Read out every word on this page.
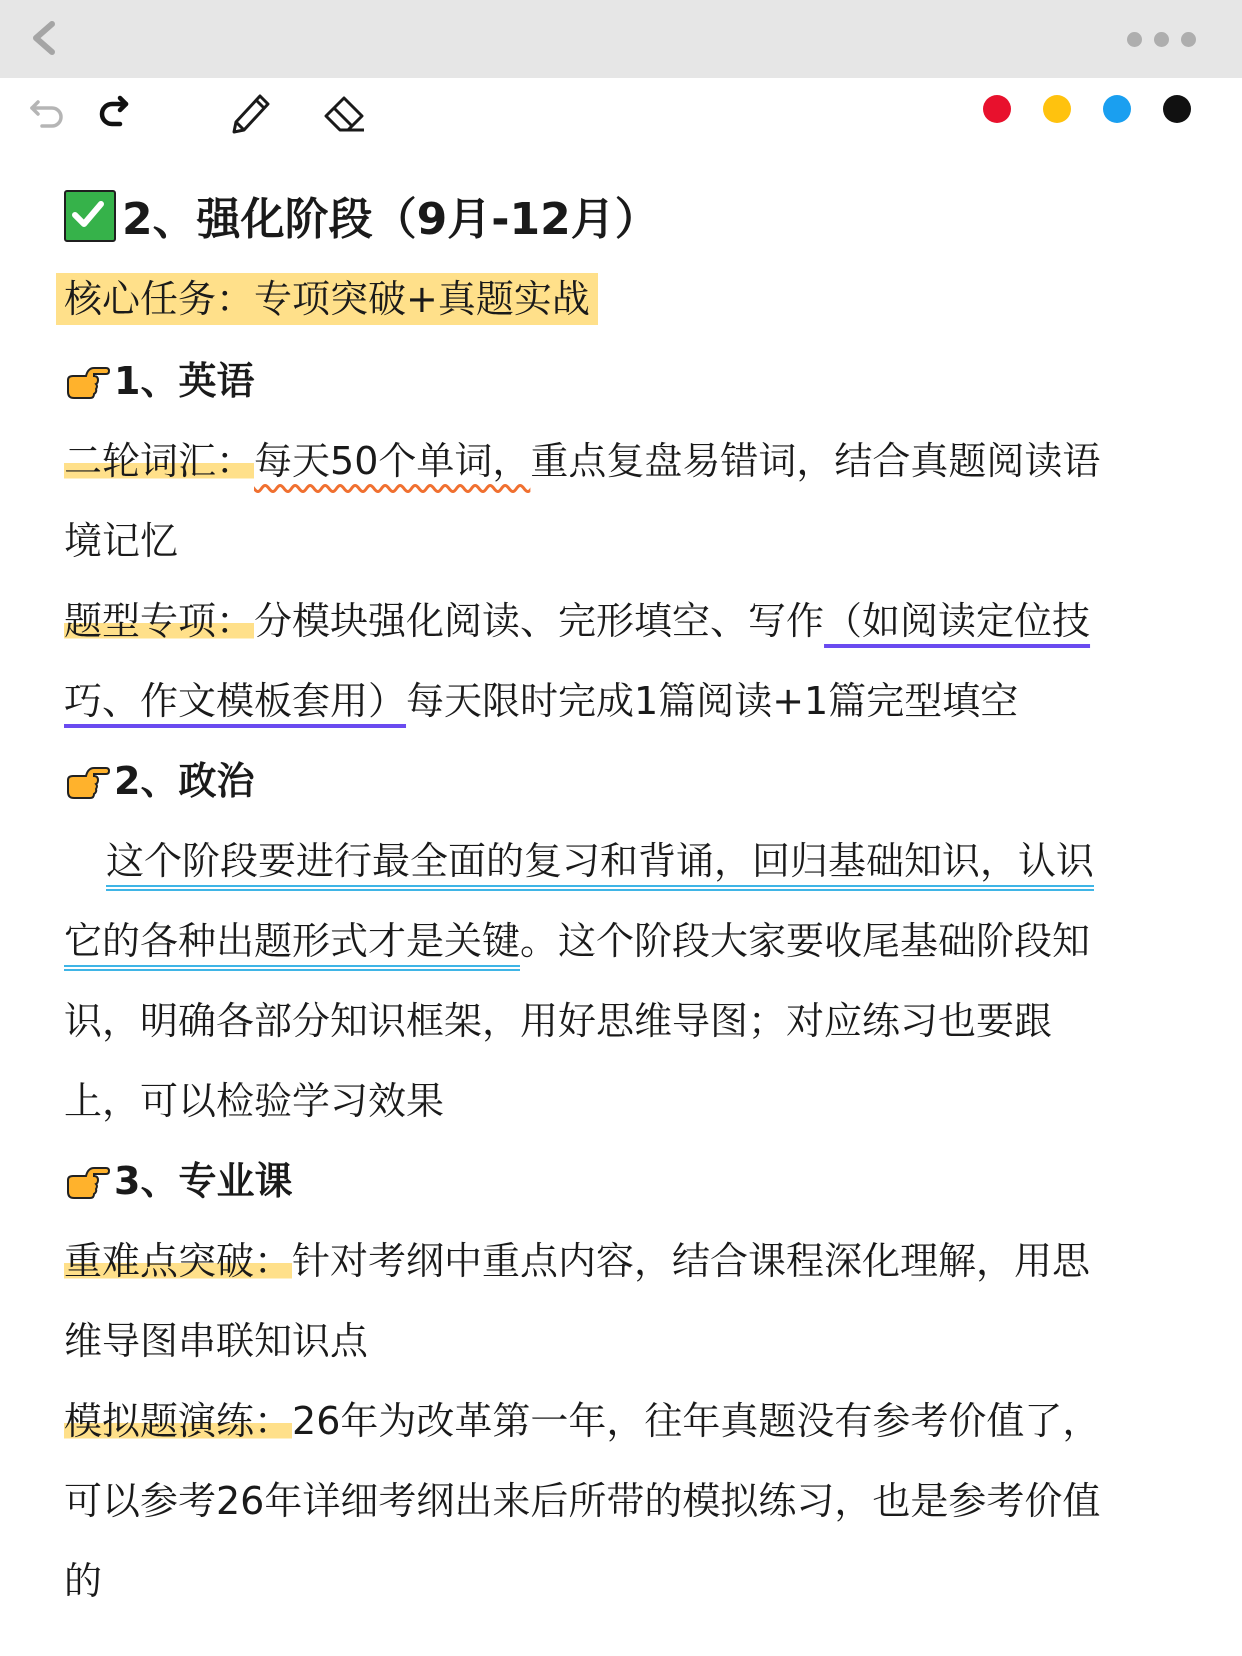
2、强化阶段（9月-12月）
核心任务：专项突破+真题实战
1、英语
二轮词汇：每天50个单词，重点复盘易错词，结合真题阅读语
境记忆
题型专项：分模块强化阅读、完形填空、写作（如阅读定位技
巧、作文模板套用）每天限时完成1篇阅读+1篇完型填空
2、政治
这个阶段要进行最全面的复习和背诵，回归基础知识，认识
它的各种出题形式才是关键。这个阶段大家要收尾基础阶段知
识，明确各部分知识框架，用好思维导图；对应练习也要跟
上，可以检验学习效果
3、专业课
重难点突破：针对考纲中重点内容，结合课程深化理解，用思
维导图串联知识点
模拟题演练：26年为改革第一年，往年真题没有参考价值了，
可以参考26年详细考纲出来后所带的模拟练习，也是参考价值
的
